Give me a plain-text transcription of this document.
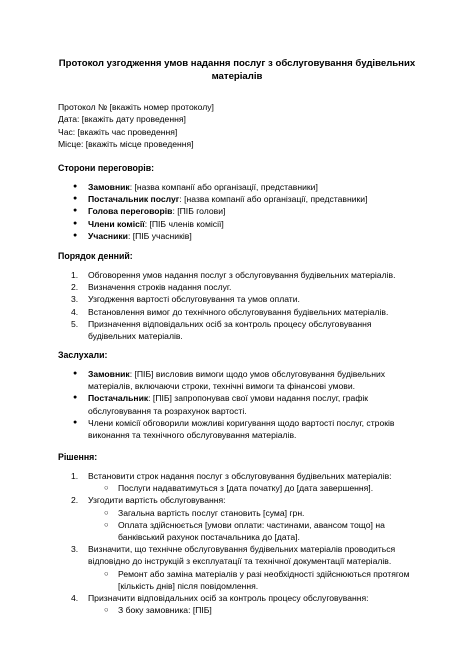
Протокол узгодження умов надання послуг з обслуговування будівельних матеріалів
Протокол № [вкажіть номер протоколу]
Дата: [вкажіть дату проведення]
Час: [вкажіть час проведення]
Місце: [вкажіть місце проведення]
Сторони переговорів:
● Замовник: [назва компанії або організації, представники]
● Постачальник послуг: [назва компанії або організації, представники]
● Голова переговорів: [ПІБ голови]
● Члени комісії: [ПІБ членів комісії]
● Учасники: [ПІБ учасників]
Порядок денний:
1. Обговорення умов надання послуг з обслуговування будівельних матеріалів.
2. Визначення строків надання послуг.
3. Узгодження вартості обслуговування та умов оплати.
4. Встановлення вимог до технічного обслуговування будівельних матеріалів.
5. Призначення відповідальних осіб за контроль процесу обслуговування будівельних матеріалів.
Заслухали:
● Замовник: [ПІБ] висловив вимоги щодо умов обслуговування будівельних матеріалів, включаючи строки, технічні вимоги та фінансові умови.
● Постачальник: [ПІБ] запропонував свої умови надання послуг, графік обслуговування та розрахунок вартості.
● Члени комісії обговорили можливі коригування щодо вартості послуг, строків виконання та технічного обслуговування матеріалів.
Рішення:
1. Встановити строк надання послуг з обслуговування будівельних матеріалів:
○ Послуги надаватимуться з [дата початку] до [дата завершення].
2. Узгодити вартість обслуговування:
○ Загальна вартість послуг становить [сума] грн.
○ Оплата здійснюється [умови оплати: частинами, авансом тощо] на банківський рахунок постачальника до [дата].
3. Визначити, що технічне обслуговування будівельних матеріалів проводиться відповідно до інструкцій з експлуатації та технічної документації матеріалів.
○ Ремонт або заміна матеріалів у разі необхідності здійснюються протягом [кількість днів] після повідомлення.
4. Призначити відповідальних осіб за контроль процесу обслуговування:
○ З боку замовника: [ПІБ]
